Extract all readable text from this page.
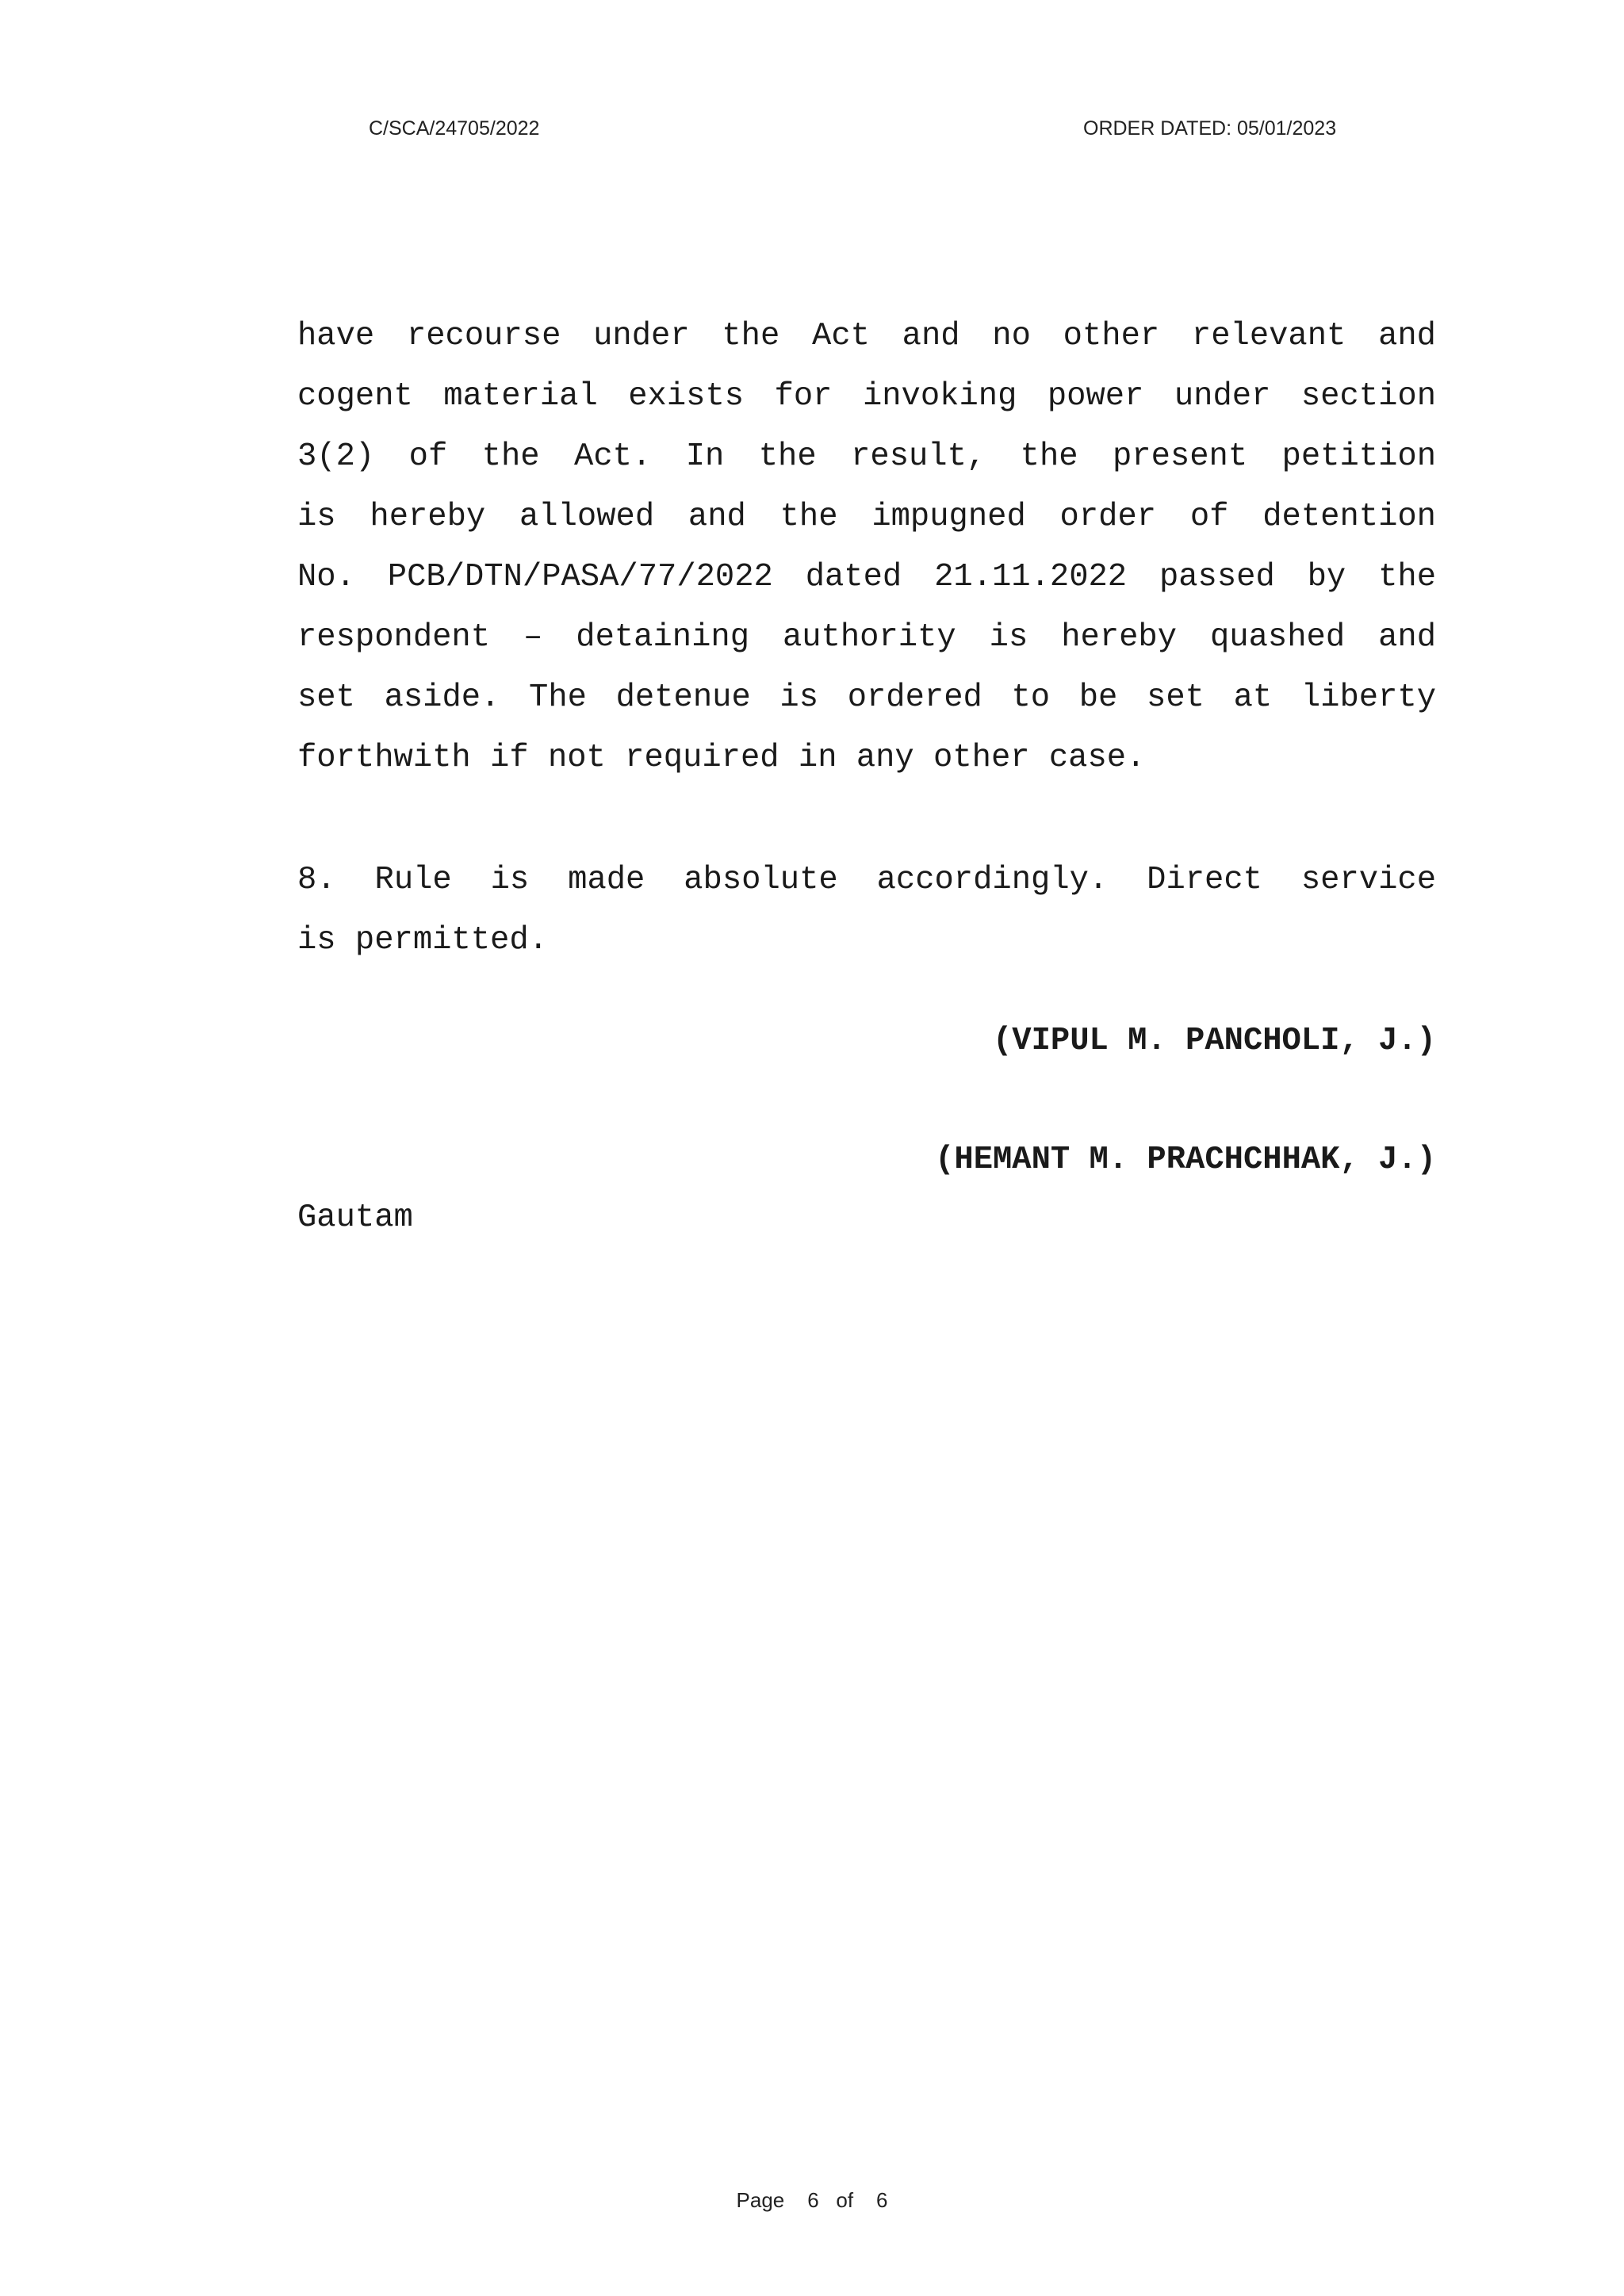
C/SCA/24705/2022	ORDER DATED: 05/01/2023
have recourse under the Act and no other relevant and
cogent material exists for invoking power under section
3(2) of the Act. In the result, the present petition
is hereby allowed and the impugned order of detention
No. PCB/DTN/PASA/77/2022 dated 21.11.2022 passed by the
respondent – detaining authority is hereby quashed and
set aside. The detenue is ordered to be set at liberty
forthwith if not required in any other case.
8. Rule is made absolute accordingly. Direct service
is permitted.
(VIPUL M. PANCHOLI, J.)
(HEMANT M. PRACHCHHAK, J.)
Gautam
Page 6 of 6
